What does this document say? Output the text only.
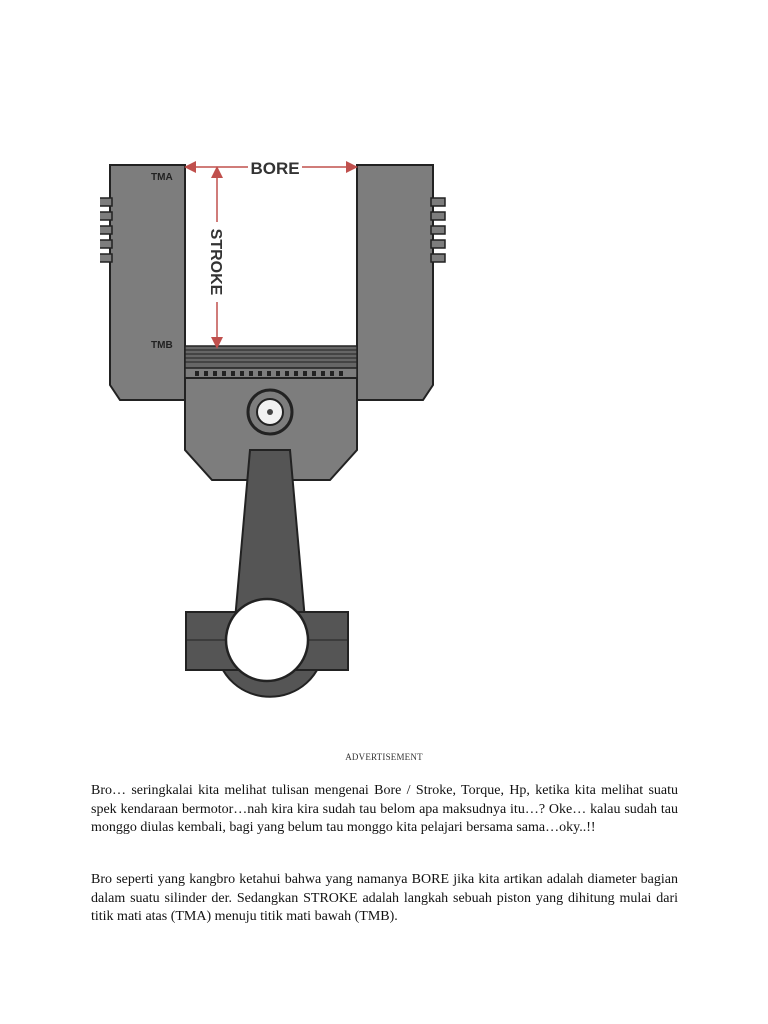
BORE
STROKE
TMA
TMB
ADVERTISEMENT

Bro… seringkalai kita melihat tulisan mengenai Bore / Stroke, Torque, Hp, ketika kita melihat suatu spek kendaraan bermotor…nah kira kira sudah tau belom apa maksudnya itu…? Oke… kalau sudah tau monggo diulas kembali, bagi yang belum tau monggo kita pelajari bersama sama…oky..!!

Bro seperti yang kangbro ketahui bahwa yang namanya BORE jika kita artikan adalah diameter bagian dalam suatu silinder der. Sedangkan STROKE adalah langkah sebuah piston yang dihitung mulai dari titik mati atas (TMA) menuju titik mati bawah (TMB).
